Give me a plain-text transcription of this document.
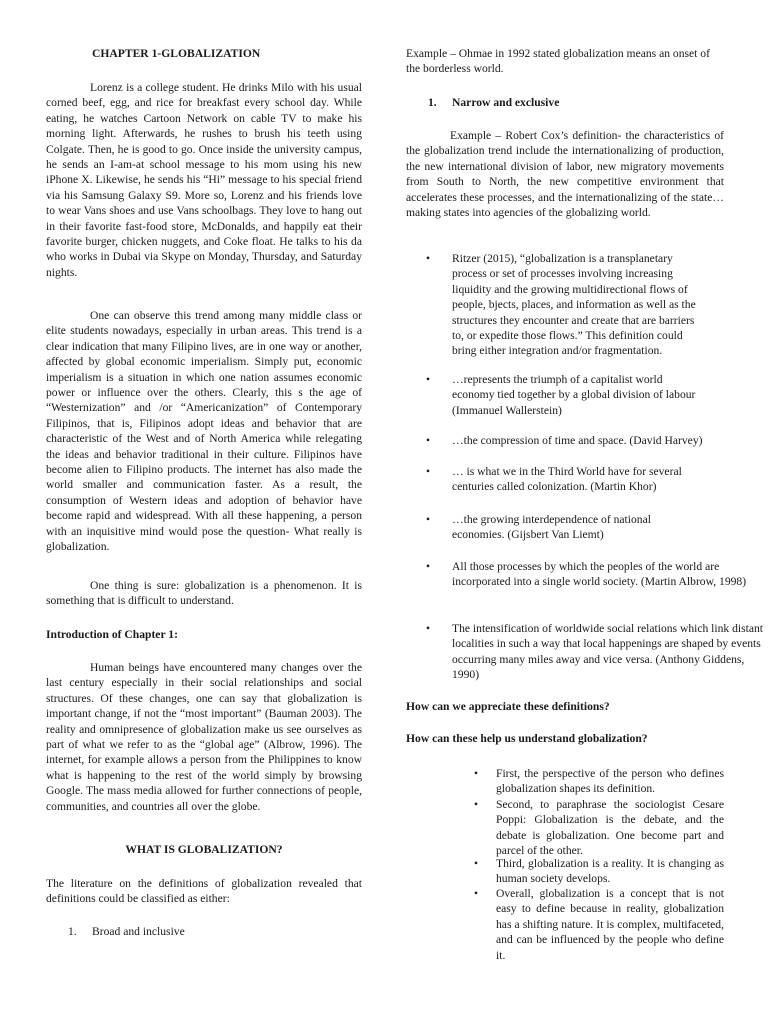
CHAPTER 1-GLOBALIZATION

Lorenz is a college student. He drinks Milo with his usual corned beef, egg, and rice for breakfast every school day. While eating, he watches Cartoon Network on cable TV to make his morning light. Afterwards, he rushes to brush his teeth using Colgate. Then, he is good to go. Once inside the university campus, he sends an I-am-at school message to his mom using his new iPhone X. Likewise, he sends his “Hi” message to his special friend via his Samsung Galaxy S9. More so, Lorenz and his friends love to wear Vans shoes and use Vans schoolbags. They love to hang out in their favorite fast-food store, McDonalds, and happily eat their favorite burger, chicken nuggets, and Coke float. He talks to his da who works in Dubai via Skype on Monday, Thursday, and Saturday nights.

One can observe this trend among many middle class or elite students nowadays, especially in urban areas. This trend is a clear indication that many Filipino lives, are in one way or another, affected by global economic imperialism. Simply put, economic imperialism is a situation in which one nation assumes economic power or influence over the others. Clearly, this s the age of “Westernization” and /or “Americanization” of Contemporary Filipinos, that is, Filipinos adopt ideas and behavior that are characteristic of the West and of North America while relegating the ideas and behavior traditional in their culture. Filipinos have become alien to Filipino products. The internet has also made the world smaller and communication faster. As a result, the consumption of Western ideas and adoption of behavior have become rapid and widespread. With all these happening, a person with an inquisitive mind would pose the question- What really is globalization.

One thing is sure: globalization is a phenomenon. It is something that is difficult to understand.

Introduction of Chapter 1:

Human beings have encountered many changes over the last century especially in their social relationships and social structures. Of these changes, one can say that globalization is important change, if not the “most important” (Bauman 2003). The reality and omnipresence of globalization make us see ourselves as part of what we refer to as the “global age” (Albrow, 1996). The internet, for example allows a person from the Philippines to know what is happening to the rest of the world simply by browsing Google. The mass media allowed for further connections of people, communities, and countries all over the globe.

WHAT IS GLOBALIZATION?

The literature on the definitions of globalization revealed that definitions could be classified as either:

1. Broad and inclusive

Example – Ohmae in 1992 stated globalization means an onset of the borderless world.

1. Narrow and exclusive

Example – Robert Cox’s definition- the characteristics of the globalization trend include the internationalizing of production, the new international division of labor, new migratory movements from South to North, the new competitive environment that accelerates these processes, and the internationalizing of the state… making states into agencies of the globalizing world.

• Ritzer (2015), “globalization is a transplanetary process or set of processes involving increasing liquidity and the growing multidirectional flows of people, bjects, places, and information as well as the structures they encounter and create that are barriers to, or expedite those flows.” This definition could bring either integration and/or fragmentation.
• …represents the triumph of a capitalist world economy tied together by a global division of labour (Immanuel Wallerstein)
• …the compression of time and space. (David Harvey)
• … is what we in the Third World have for several centuries called colonization. (Martin Khor)
• …the growing interdependence of national economies. (Gijsbert Van Liemt)
• All those processes by which the peoples of the world are incorporated into a single world society. (Martin Albrow, 1998)
• The intensification of worldwide social relations which link distant localities in such a way that local happenings are shaped by events occurring many miles away and vice versa. (Anthony Giddens, 1990)

How can we appreciate these definitions?

How can these help us understand globalization?

• First, the perspective of the person who defines globalization shapes its definition.
• Second, to paraphrase the sociologist Cesare Poppi: Globalization is the debate, and the debate is globalization. One become part and parcel of the other.
• Third, globalization is a reality. It is changing as human society develops.
• Overall, globalization is a concept that is not easy to define because in reality, globalization has a shifting nature. It is complex, multifaceted, and can be influenced by the people who define it.
